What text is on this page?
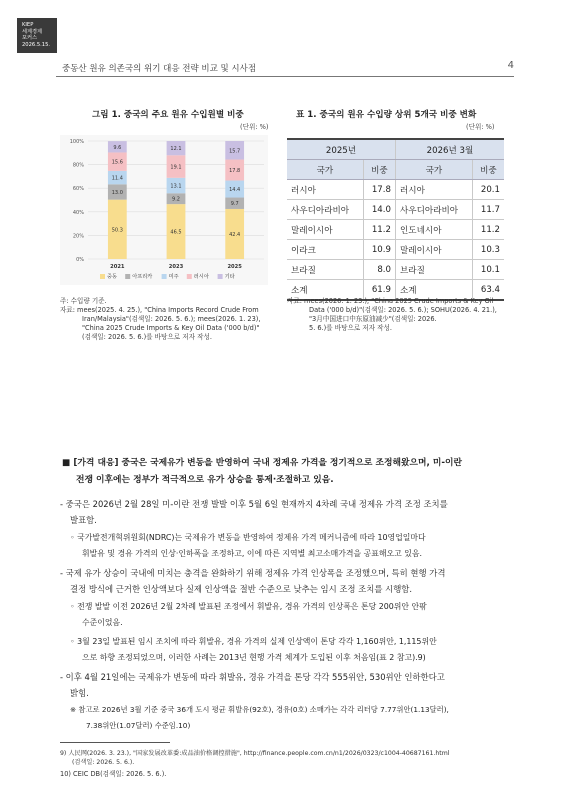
KIEP
세계경제
포커스
2026.5.15.
중동산 원유 의존국의 위기 대응 전략 비교 및 시사점	4
그림 1. 중국의 주요 원유 수입원별 비중
(단위: %)
0%
20%
40%
60%
80%
100%
50.3
13.0
11.4
15.6
9.6
2021
46.5
9.2
13.1
19.1
12.1
2023
42.4
9.7
14.4
17.8
15.7
2025
중동	아프리카	미주	러시아	기타
주: 수입량 기준.
자료: mees(2025. 4. 25.), "China Imports Record Crude From
Iran/Malaysia"(검색일: 2026. 5. 6.); mees(2026. 1. 23),
"China 2025 Crude Imports & Key Oil Data ('000 b/d)"
(검색일: 2026. 5. 6.)를 바탕으로 저자 작성.
표 1. 중국의 원유 수입량 상위 5개국 비중 변화
(단위: %)
2025년		2026년 3월	
국가	비중	국가	비중
러시아	17.8	러시아	20.1
사우디아라비아	14.0	사우디아라비아	11.7
말레이시아	11.2	인도네시아	11.2
이라크	10.9	말레이시아	10.3
브라질	8.0	브라질	10.1
소계	61.9	소계	63.4
자료: mees(2026. 1. 23.), "China 2025 Crude Imports & Key Oil
Data ('000 b/d)"(검색일: 2026. 5. 6.); SOHU(2026. 4. 21.),
"3月中国进口中东原油减少"(검색일: 2026.
5. 6.)를 바탕으로 저자 작성.
■ [가격 대응] 중국은 국제유가 변동을 반영하여 국내 정제유 가격을 정기적으로 조정해왔으며, 미-이란
전쟁 이후에는 정부가 적극적으로 유가 상승을 통제·조절하고 있음.
- 중국은 2026년 2월 28일 미-이란 전쟁 발발 이후 5월 6일 현재까지 4차례 국내 정제유 가격 조정 조치를
발표함.
◦ 국가발전개혁위원회(NDRC)는 국제유가 변동을 반영하여 정제유 가격 메커니즘에 따라 10영업일마다
휘발유 및 경유 가격의 인상·인하폭을 조정하고, 이에 따른 지역별 최고소매가격을 공표해오고 있음.
- 국제 유가 상승이 국내에 미치는 충격을 완화하기 위해 정제유 가격 인상폭을 조정했으며, 특히 현행 가격
결정 방식에 근거한 인상액보다 실제 인상액을 절반 수준으로 낮추는 임시 조정 조치를 시행함.
◦ 전쟁 발발 이전 2026년 2월 2차례 발표된 조정에서 휘발유, 경유 가격의 인상폭은 톤당 200위안 안팎
수준이었음.
◦ 3월 23일 발표된 임시 조치에 따라 휘발유, 경유 가격의 실제 인상액이 톤당 각각 1,160위안, 1,115위안
으로 하향 조정되었으며, 이러한 사례는 2013년 현행 가격 체계가 도입된 이후 처음임(표 2 참고).9)
- 이후 4월 21일에는 국제유가 변동에 따라 휘발유, 경유 가격을 톤당 각각 555위안, 530위안 인하한다고
밝힘.
※ 참고로 2026년 3월 기준 중국 36개 도시 평균 휘발유(92호), 경유(0호) 소매가는 각각 리터당 7.77위안(1.13달러),
7.38위안(1.07달러) 수준임.10)
9) 人民网(2026. 3. 23.), "国家发展改革委:成品油价格调控措施", http://finance.people.com.cn/n1/2026/0323/c1004-40687161.html
(검색일: 2026. 5. 6.).
10) CEIC DB(검색일: 2026. 5. 6.).
